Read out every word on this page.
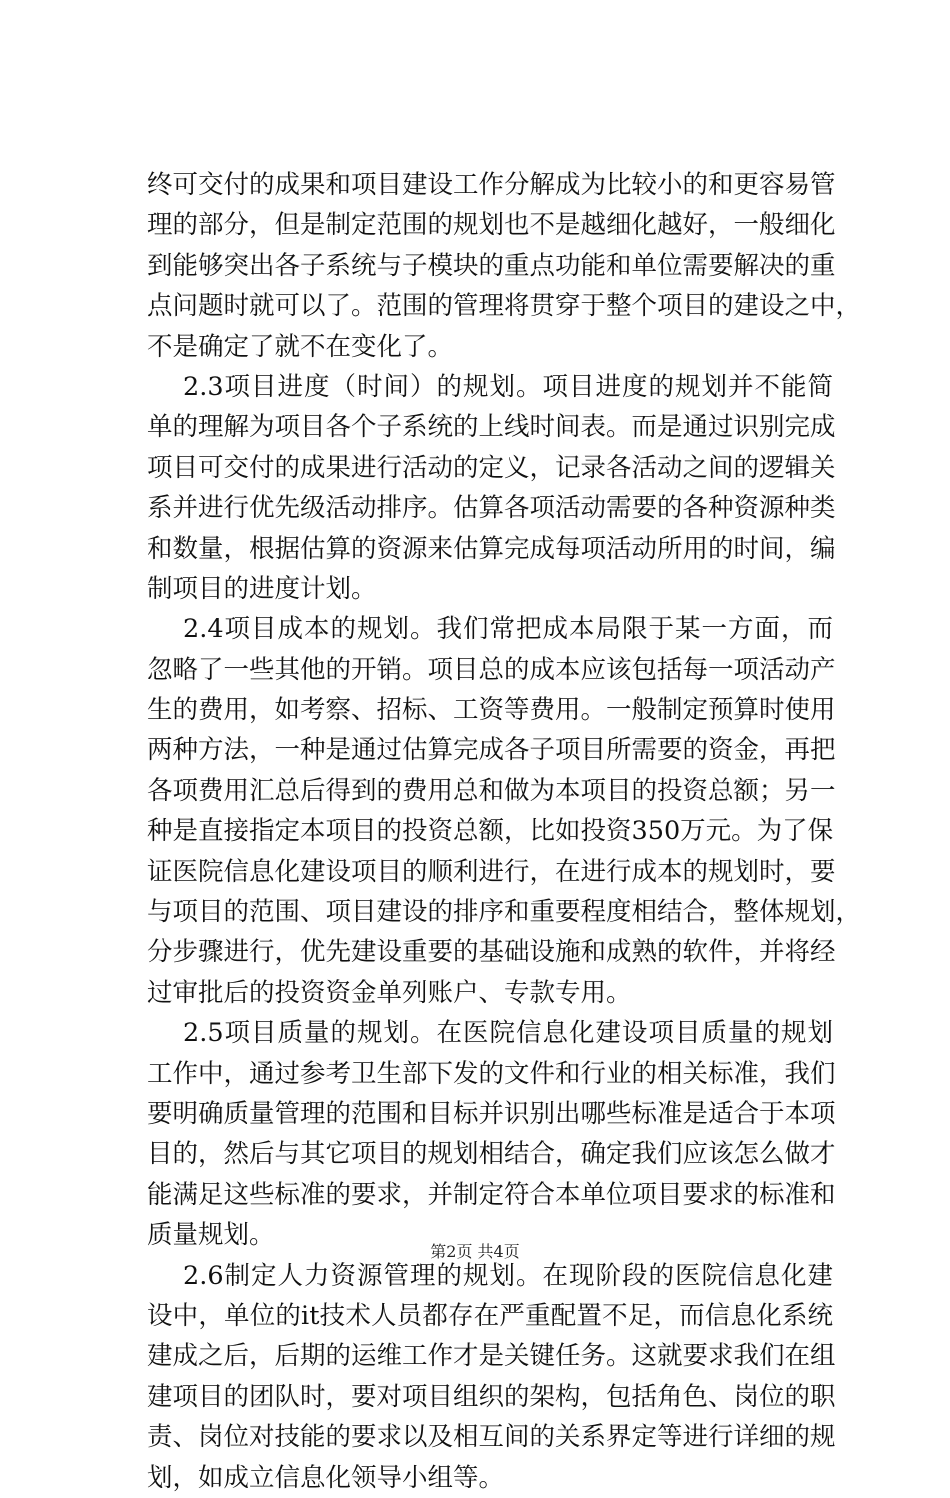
终可交付的成果和项目建设工作分解成为比较小的和更容易管
理的部分，但是制定范围的规划也不是越细化越好，一般细化
到能够突出各子系统与子模块的重点功能和单位需要解决的重
点问题时就可以了。范围的管理将贯穿于整个项目的建设之中，
不是确定了就不在变化了。
2.3项目进度（时间）的规划。项目进度的规划并不能简
单的理解为项目各个子系统的上线时间表。而是通过识别完成
项目可交付的成果进行活动的定义，记录各活动之间的逻辑关
系并进行优先级活动排序。估算各项活动需要的各种资源种类
和数量，根据估算的资源来估算完成每项活动所用的时间，编
制项目的进度计划。
2.4项目成本的规划。我们常把成本局限于某一方面，而
忽略了一些其他的开销。项目总的成本应该包括每一项活动产
生的费用，如考察、招标、工资等费用。一般制定预算时使用
两种方法，一种是通过估算完成各子项目所需要的资金，再把
各项费用汇总后得到的费用总和做为本项目的投资总额；另一
种是直接指定本项目的投资总额，比如投资350万元。为了保
证医院信息化建设项目的顺利进行，在进行成本的规划时，要
与项目的范围、项目建设的排序和重要程度相结合，整体规划，
分步骤进行，优先建设重要的基础设施和成熟的软件，并将经
过审批后的投资资金单列账户、专款专用。
2.5项目质量的规划。在医院信息化建设项目质量的规划
工作中，通过参考卫生部下发的文件和行业的相关标准，我们
要明确质量管理的范围和目标并识别出哪些标准是适合于本项
目的，然后与其它项目的规划相结合，确定我们应该怎么做才
能满足这些标准的要求，并制定符合本单位项目要求的标准和
质量规划。
2.6制定人力资源管理的规划。在现阶段的医院信息化建
设中，单位的it技术人员都存在严重配置不足，而信息化系统
建成之后，后期的运维工作才是关键任务。这就要求我们在组
建项目的团队时，要对项目组织的架构，包括角色、岗位的职
责、岗位对技能的要求以及相互间的关系界定等进行详细的规
划，如成立信息化领导小组等。
第2页 共4页
